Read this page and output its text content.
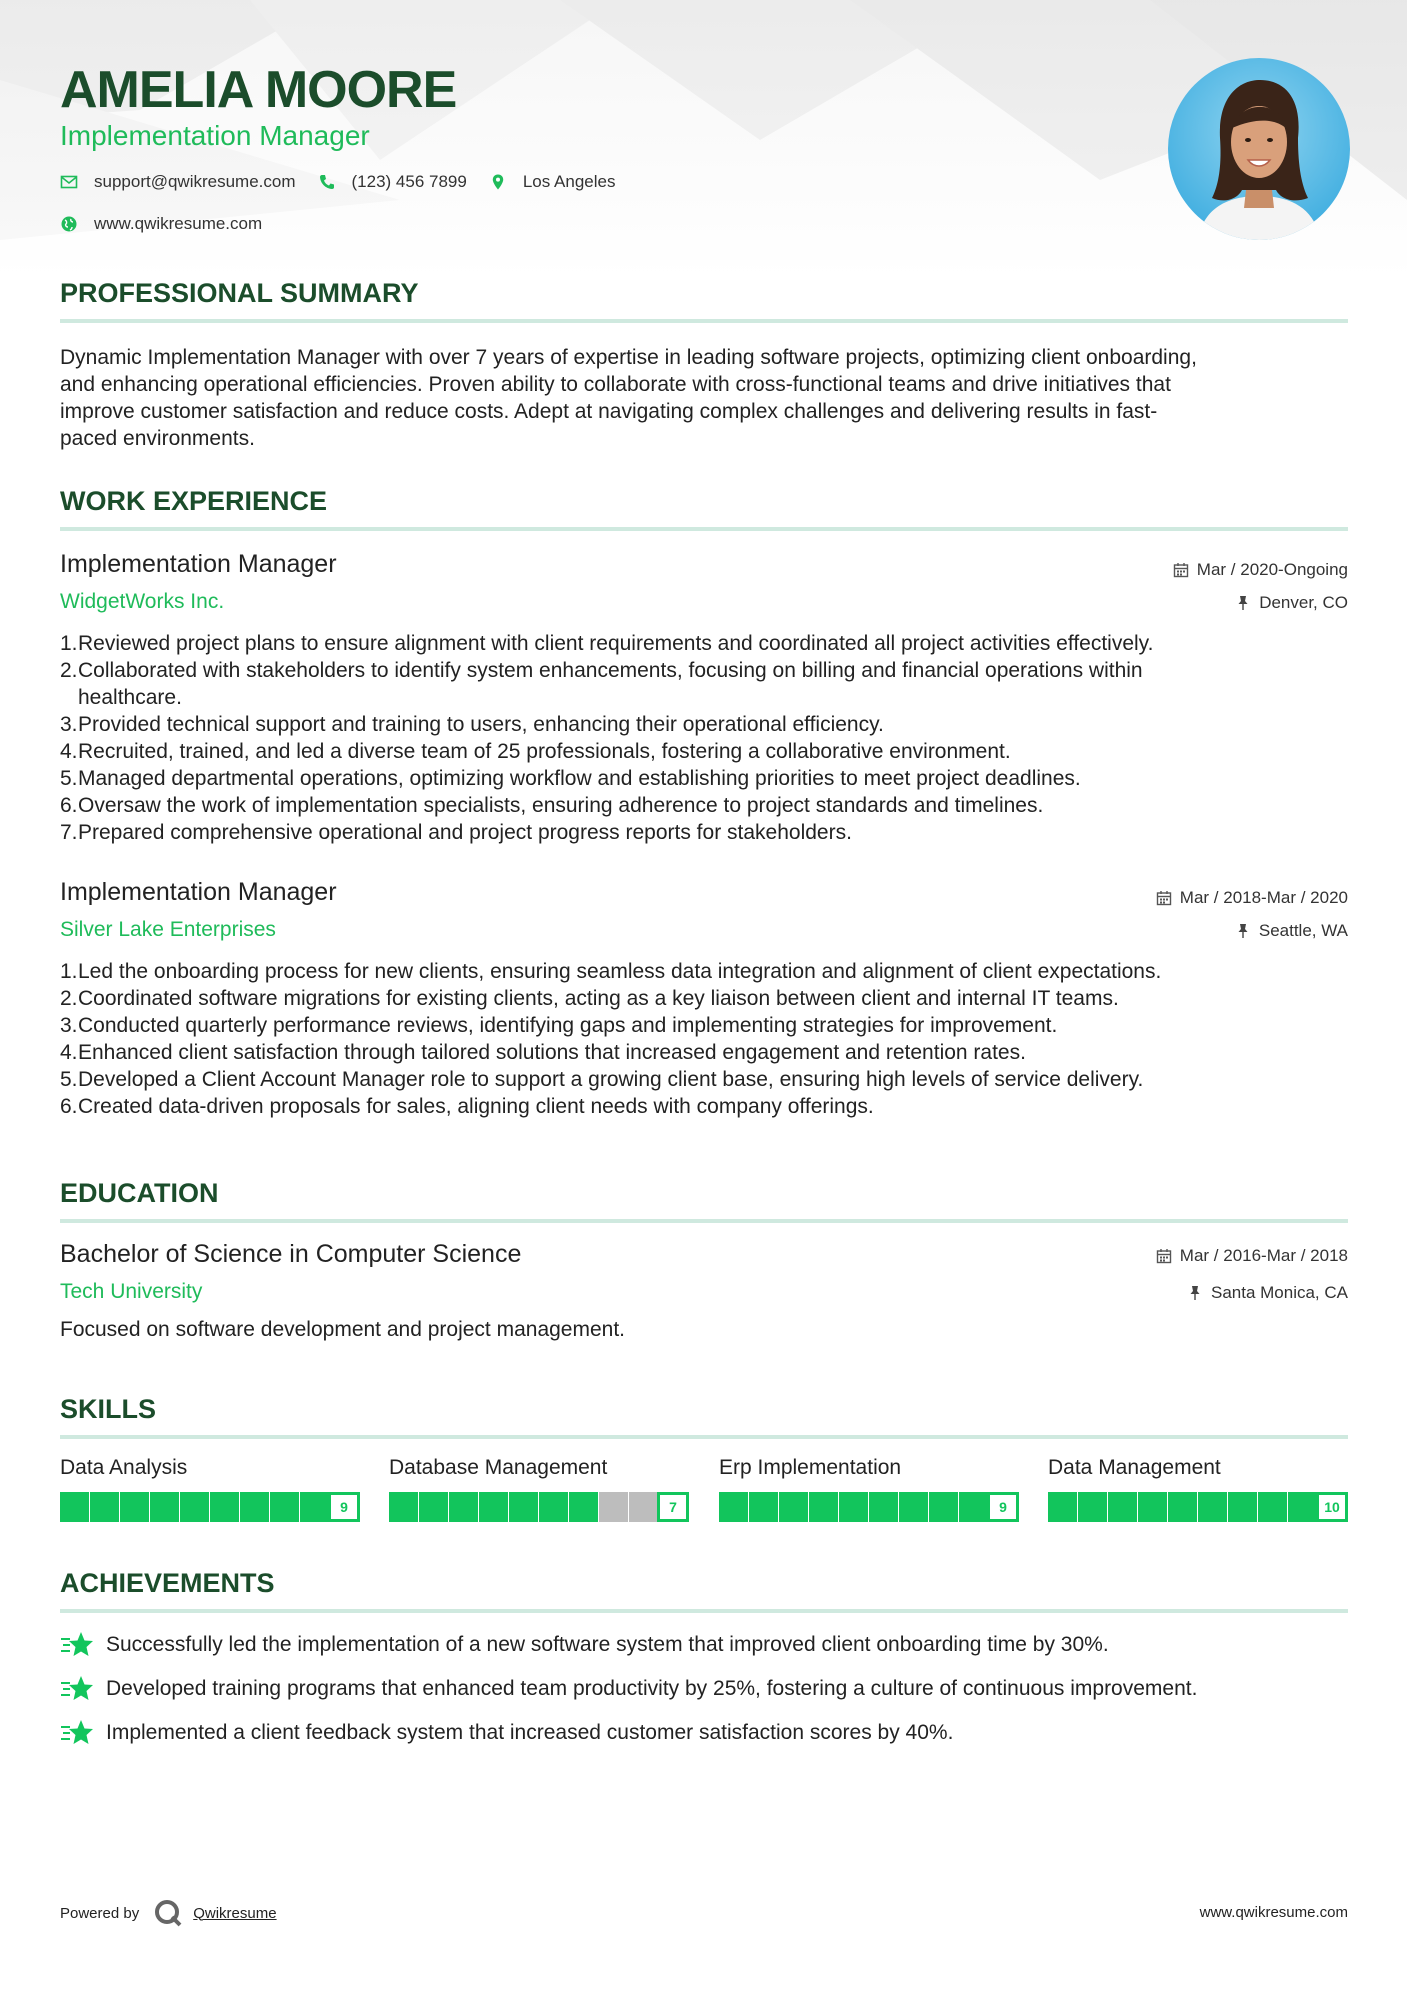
AMELIA MOORE
Implementation Manager
support@qwikresume.com	(123) 456 7899	Los Angeles
www.qwikresume.com
PROFESSIONAL SUMMARY
Dynamic Implementation Manager with over 7 years of expertise in leading software projects, optimizing client onboarding,
and enhancing operational efficiencies. Proven ability to collaborate with cross-functional teams and drive initiatives that
improve customer satisfaction and reduce costs. Adept at navigating complex challenges and delivering results in fast-
paced environments.
WORK EXPERIENCE
Implementation Manager
WidgetWorks Inc.
Mar / 2020-Ongoing
Denver, CO
1. Reviewed project plans to ensure alignment with client requirements and coordinated all project activities effectively.
2. Collaborated with stakeholders to identify system enhancements, focusing on billing and financial operations within
healthcare.
3. Provided technical support and training to users, enhancing their operational efficiency.
4. Recruited, trained, and led a diverse team of 25 professionals, fostering a collaborative environment.
5. Managed departmental operations, optimizing workflow and establishing priorities to meet project deadlines.
6. Oversaw the work of implementation specialists, ensuring adherence to project standards and timelines.
7. Prepared comprehensive operational and project progress reports for stakeholders.
Implementation Manager
Silver Lake Enterprises
Mar / 2018-Mar / 2020
Seattle, WA
1. Led the onboarding process for new clients, ensuring seamless data integration and alignment of client expectations.
2. Coordinated software migrations for existing clients, acting as a key liaison between client and internal IT teams.
3. Conducted quarterly performance reviews, identifying gaps and implementing strategies for improvement.
4. Enhanced client satisfaction through tailored solutions that increased engagement and retention rates.
5. Developed a Client Account Manager role to support a growing client base, ensuring high levels of service delivery.
6. Created data-driven proposals for sales, aligning client needs with company offerings.
EDUCATION
Bachelor of Science in Computer Science
Tech University
Mar / 2016-Mar / 2018
Santa Monica, CA
Focused on software development and project management.
SKILLS
Data Analysis
9
Database Management
7
Erp Implementation
9
Data Management
10
ACHIEVEMENTS
Successfully led the implementation of a new software system that improved client onboarding time by 30%.
Developed training programs that enhanced team productivity by 25%, fostering a culture of continuous improvement.
Implemented a client feedback system that increased customer satisfaction scores by 40%.
Powered by	Qwikresume	www.qwikresume.com
